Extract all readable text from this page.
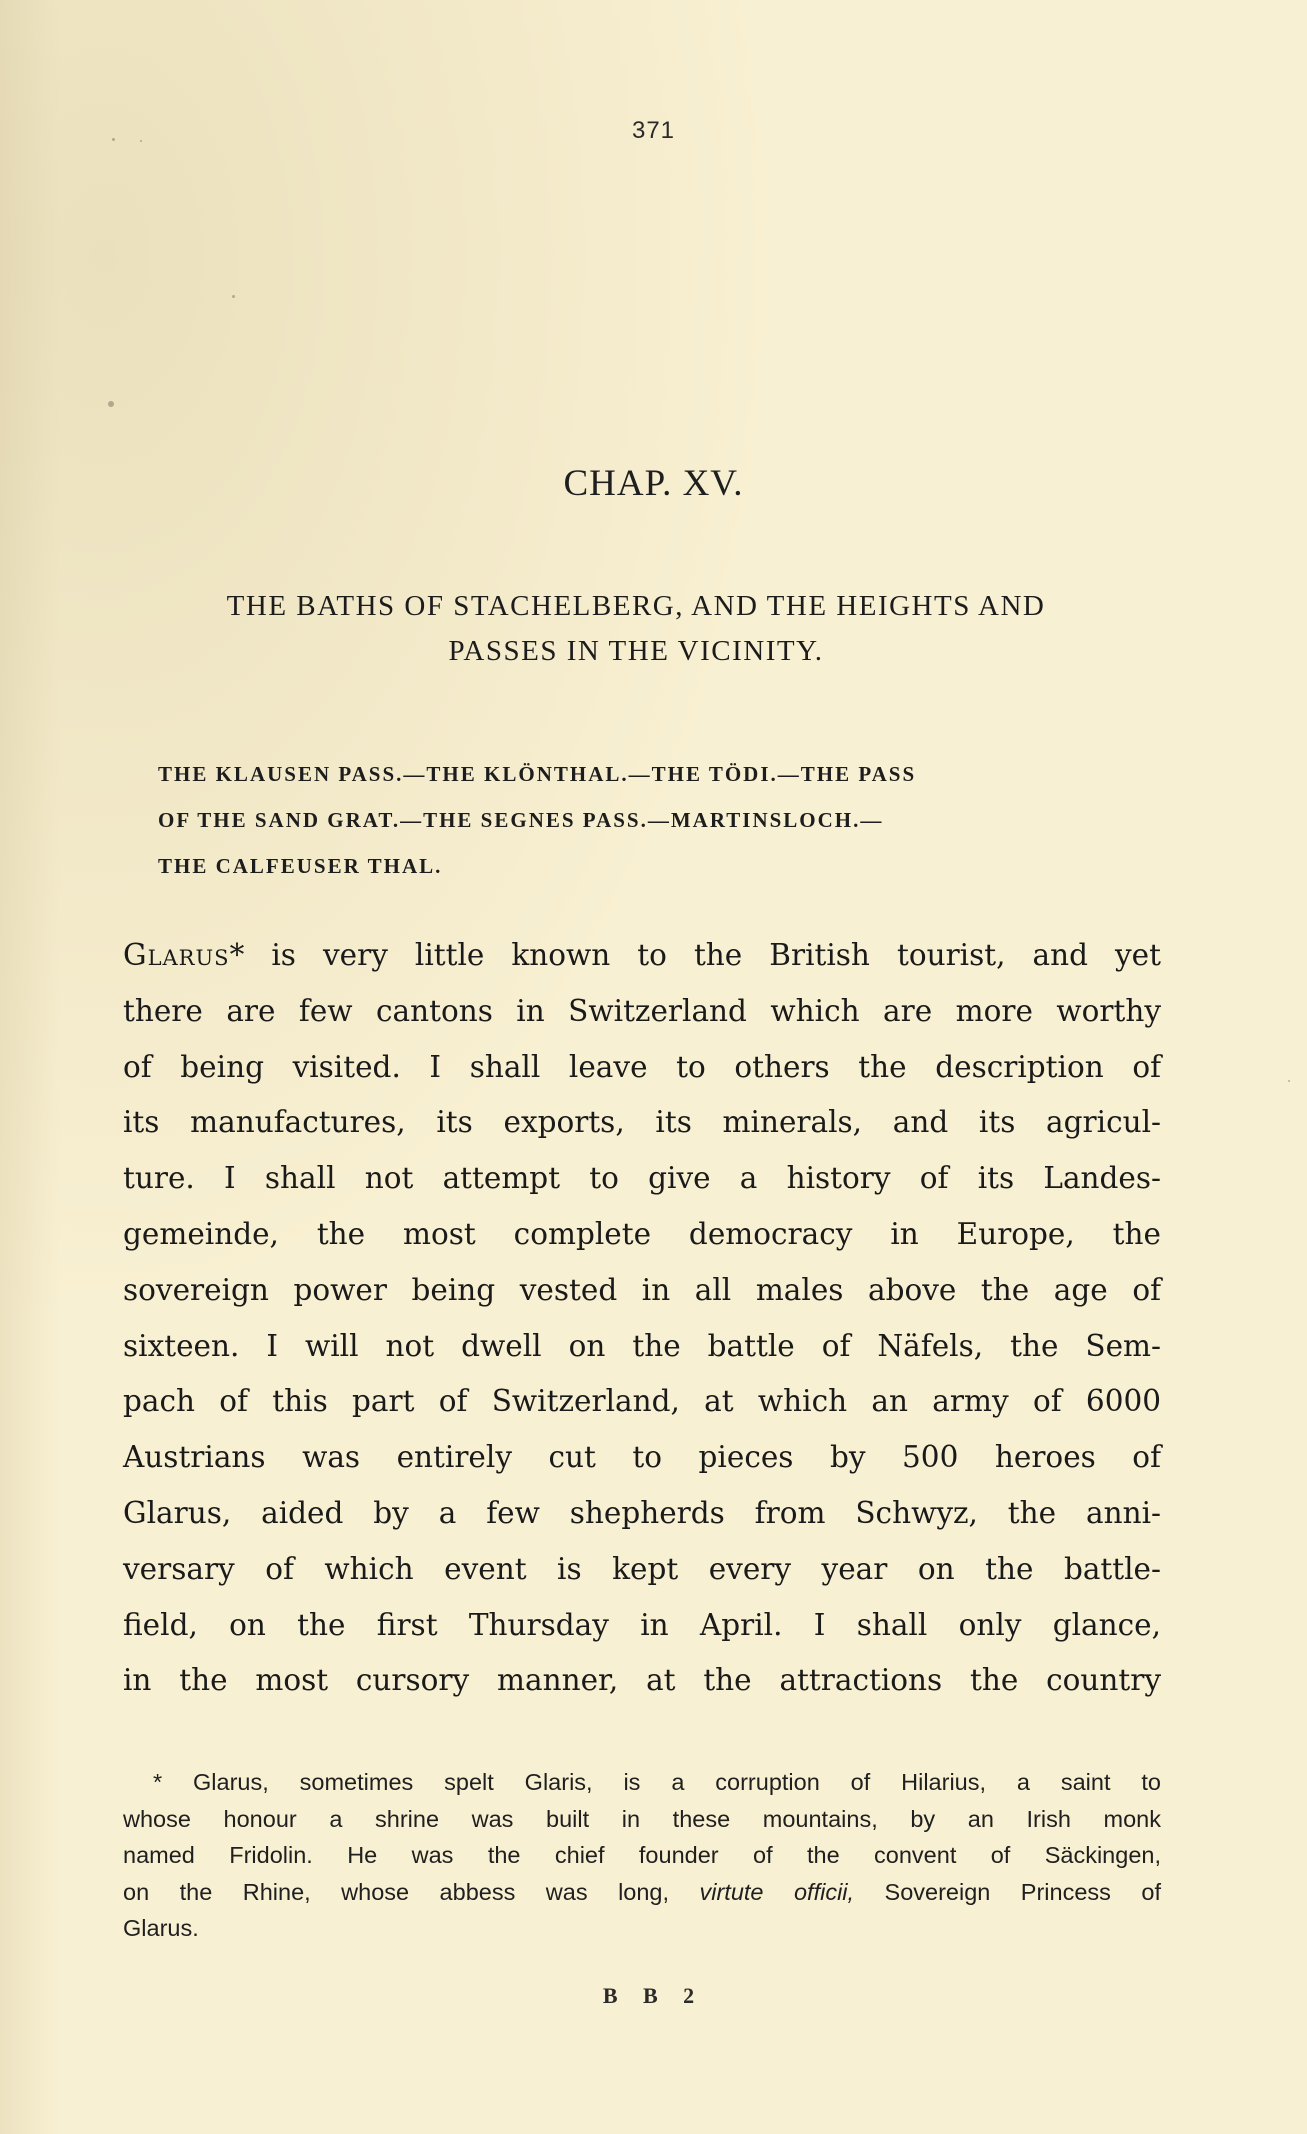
371
CHAP. XV.
THE BATHS OF STACHELBERG, AND THE HEIGHTS AND
PASSES IN THE VICINITY.
THE KLAUSEN PASS.—THE KLÖNTHAL.—THE TÖDI.—THE PASS
OF THE SAND GRAT.—THE SEGNES PASS.—MARTINSLOCH.—
THE CALFEUSER THAL.
Glarus* is very little known to the British tourist, and yet
there are few cantons in Switzerland which are more worthy
of being visited. I shall leave to others the description of
its manufactures, its exports, its minerals, and its agricul-
ture. I shall not attempt to give a history of its Landes-
gemeinde, the most complete democracy in Europe, the
sovereign power being vested in all males above the age of
sixteen. I will not dwell on the battle of Näfels, the Sem-
pach of this part of Switzerland, at which an army of 6000
Austrians was entirely cut to pieces by 500 heroes of
Glarus, aided by a few shepherds from Schwyz, the anni-
versary of which event is kept every year on the battle-
field, on the first Thursday in April. I shall only glance,
in the most cursory manner, at the attractions the country
* Glarus, sometimes spelt Glaris, is a corruption of Hilarius, a saint to
whose honour a shrine was built in these mountains, by an Irish monk
named Fridolin. He was the chief founder of the convent of Säckingen,
on the Rhine, whose abbess was long, virtute officii, Sovereign Princess of
Glarus.
B B 2
